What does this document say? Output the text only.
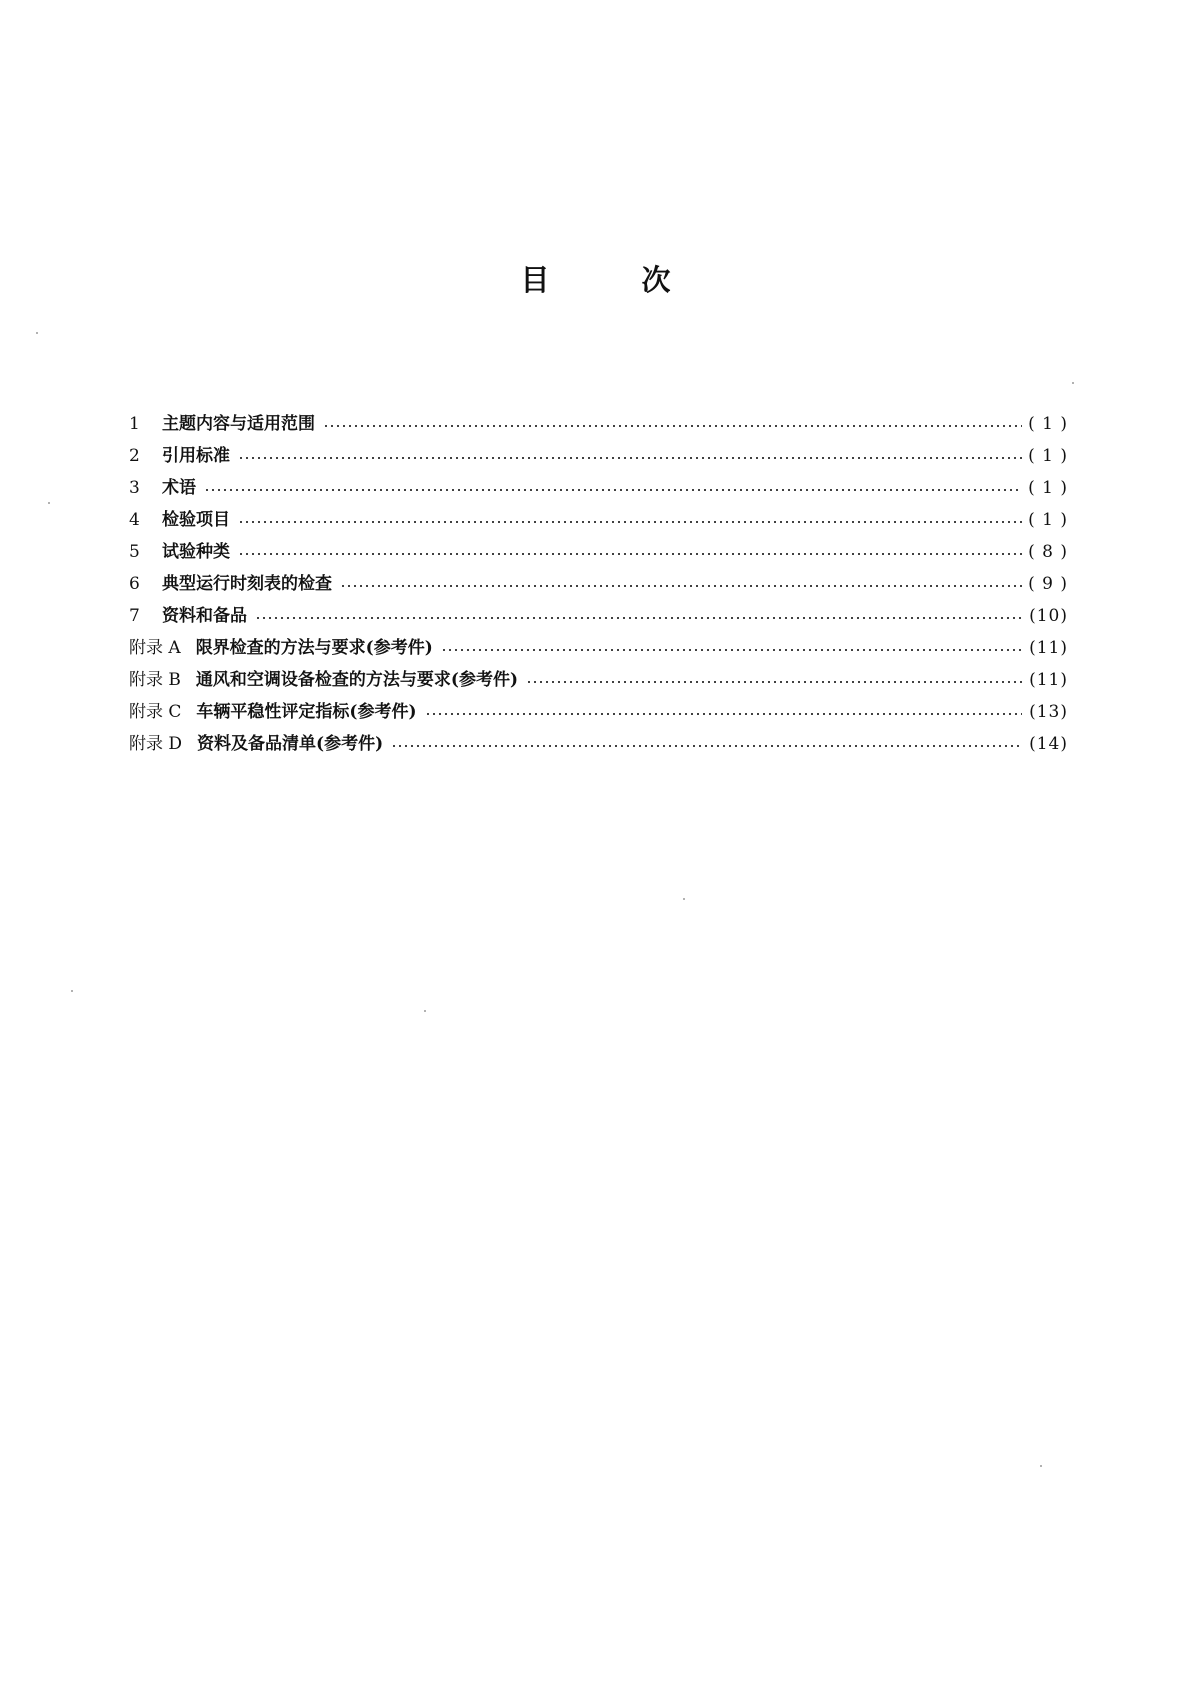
目	次
1	主题内容与适用范围	( 1 )
2	引用标准	( 1 )
3	术语	( 1 )
4	检验项目	( 1 )
5	试验种类	( 8 )
6	典型运行时刻表的检查	( 9 )
7	资料和备品	(10)
附录 A 限界检查的方法与要求(参考件)	(11)
附录 B 通风和空调设备检查的方法与要求(参考件)	(11)
附录 C 车辆平稳性评定指标(参考件)	(13)
附录 D 资料及备品清单(参考件)	(14)
